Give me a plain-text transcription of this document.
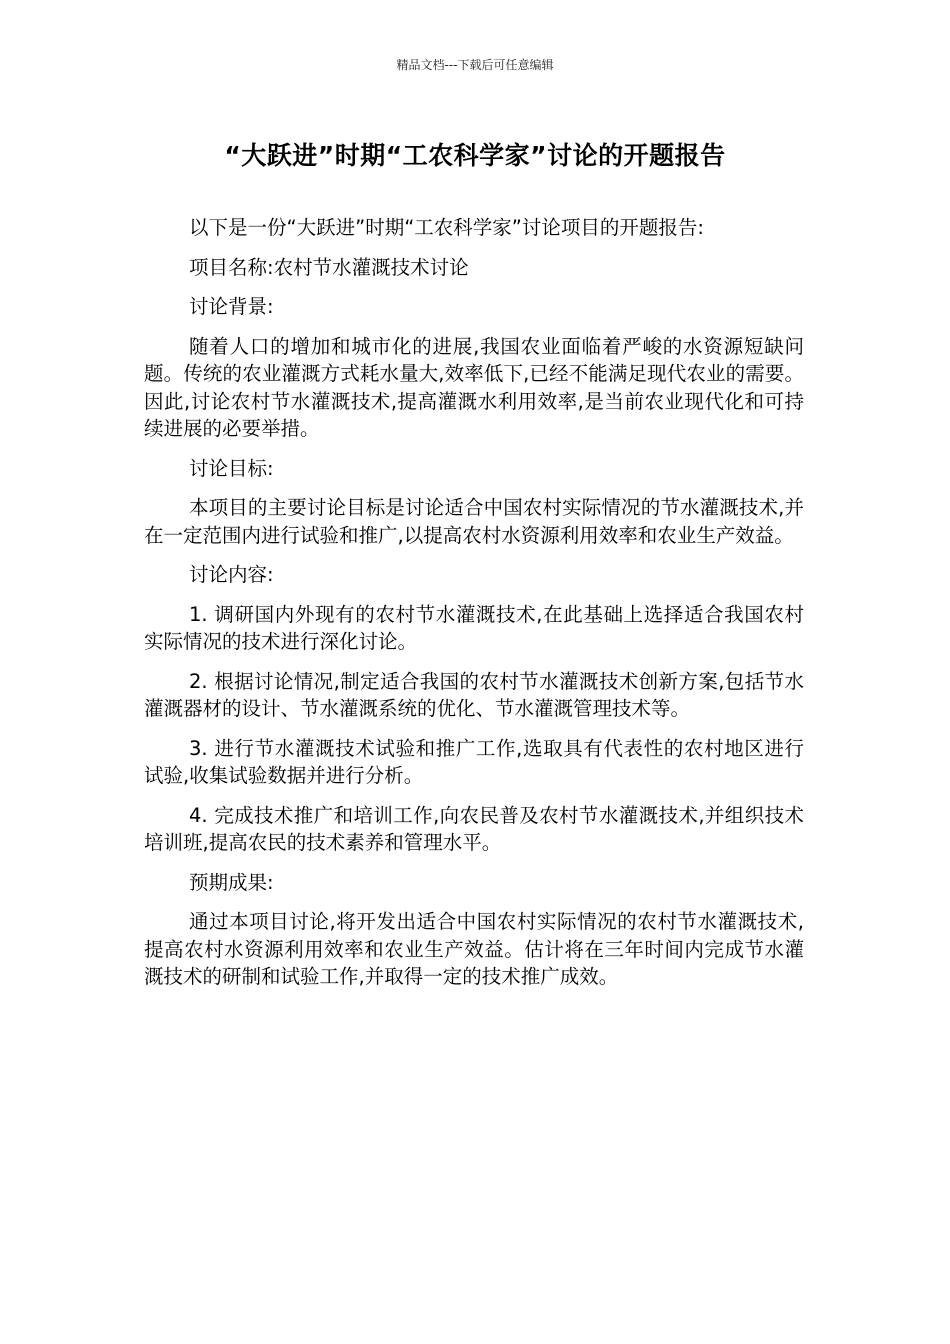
精品文档---下载后可任意编辑
“大跃进”时期“工农科学家”讨论的开题报告

以下是一份“大跃进”时期“工农科学家”讨论项目的开题报告:

项目名称:农村节水灌溉技术讨论

讨论背景:

随着人口的增加和城市化的进展,我国农业面临着严峻的水资源短缺问题。传统的农业灌溉方式耗水量大,效率低下,已经不能满足现代农业的需要。因此,讨论农村节水灌溉技术,提高灌溉水利用效率,是当前农业现代化和可持续进展的必要举措。

讨论目标:

本项目的主要讨论目标是讨论适合中国农村实际情况的节水灌溉技术,并在一定范围内进行试验和推广,以提高农村水资源利用效率和农业生产效益。

讨论内容:

1. 调研国内外现有的农村节水灌溉技术,在此基础上选择适合我国农村实际情况的技术进行深化讨论。

2. 根据讨论情况,制定适合我国的农村节水灌溉技术创新方案,包括节水灌溉器材的设计、节水灌溉系统的优化、节水灌溉管理技术等。

3. 进行节水灌溉技术试验和推广工作,选取具有代表性的农村地区进行试验,收集试验数据并进行分析。

4. 完成技术推广和培训工作,向农民普及农村节水灌溉技术,并组织技术培训班,提高农民的技术素养和管理水平。

预期成果:

通过本项目讨论,将开发出适合中国农村实际情况的农村节水灌溉技术,提高农村水资源利用效率和农业生产效益。估计将在三年时间内完成节水灌溉技术的研制和试验工作,并取得一定的技术推广成效。
